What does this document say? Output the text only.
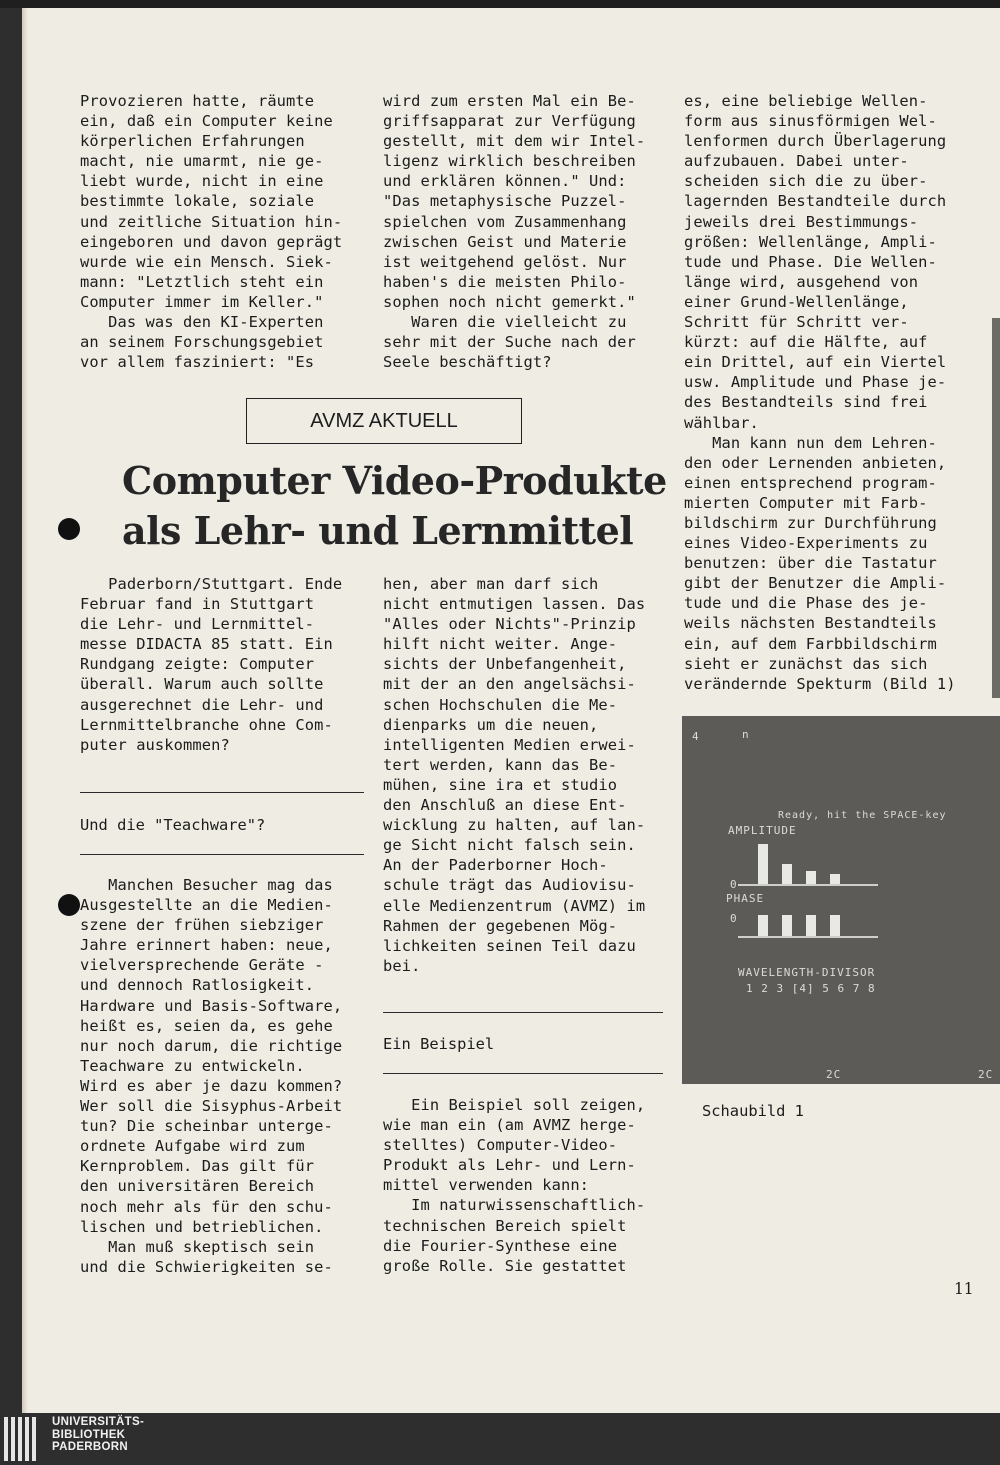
Provozieren hatte, räumte

ein, daß ein Computer keine

körperlichen Erfahrungen

macht, nie umarmt, nie ge-

liebt wurde, nicht in eine

bestimmte lokale, soziale

und zeitliche Situation hin-

eingeboren und davon geprägt

wurde wie ein Mensch. Siek-

mann: "Letztlich steht ein

Computer immer im Keller."

Das was den KI-Experten

an seinem Forschungsgebiet

vor allem fasziniert: "Es

wird zum ersten Mal ein Be-

griffsapparat zur Verfügung

gestellt, mit dem wir Intel-

ligenz wirklich beschreiben

und erklären können." Und:

"Das metaphysische Puzzel-

spielchen vom Zusammenhang

zwischen Geist und Materie

ist weitgehend gelöst. Nur

haben's die meisten Philo-

sophen noch nicht gemerkt."

Waren die vielleicht zu

sehr mit der Suche nach der

Seele beschäftigt?

es, eine beliebige Wellen-

form aus sinusförmigen Wel-

lenformen durch Überlagerung

aufzubauen. Dabei unter-

scheiden sich die zu über-

lagernden Bestandteile durch

jeweils drei Bestimmungs-

größen: Wellenlänge, Ampli-

tude und Phase. Die Wellen-

länge wird, ausgehend von

einer Grund-Wellenlänge,

Schritt für Schritt ver-

kürzt: auf die Hälfte, auf

ein Drittel, auf ein Viertel

usw. Amplitude und Phase je-

des Bestandteils sind frei

wählbar.

Man kann nun dem Lehren-

den oder Lernenden anbieten,

einen entsprechend program-

mierten Computer mit Farb-

bildschirm zur Durchführung

eines Video-Experiments zu

benutzen: über die Tastatur

gibt der Benutzer die Ampli-

tude und die Phase des je-

weils nächsten Bestandteils

ein, auf dem Farbbildschirm

sieht er zunächst das sich

verändernde Spekturm (Bild 1)

AVMZ AKTUELL
Computer Video-Produkte
als Lehr- und Lernmittel

Paderborn/Stuttgart. Ende

Februar fand in Stuttgart

die Lehr- und Lernmittel-

messe DIDACTA 85 statt. Ein

Rundgang zeigte: Computer

überall. Warum auch sollte

ausgerechnet die Lehr- und

Lernmittelbranche ohne Com-

puter auskommen?

Und die "Teachware"?

Manchen Besucher mag das

Ausgestellte an die Medien-

szene der frühen siebziger

Jahre erinnert haben: neue,

vielversprechende Geräte -

und dennoch Ratlosigkeit.

Hardware und Basis-Software,

heißt es, seien da, es gehe

nur noch darum, die richtige

Teachware zu entwickeln.

Wird es aber je dazu kommen?

Wer soll die Sisyphus-Arbeit

tun? Die scheinbar unterge-

ordnete Aufgabe wird zum

Kernproblem. Das gilt für

den universitären Bereich

noch mehr als für den schu-

lischen und betrieblichen.

Man muß skeptisch sein

und die Schwierigkeiten se-

hen, aber man darf sich

nicht entmutigen lassen. Das

"Alles oder Nichts"-Prinzip

hilft nicht weiter. Ange-

sichts der Unbefangenheit,

mit der an den angelsächsi-

schen Hochschulen die Me-

dienparks um die neuen,

intelligenten Medien erwei-

tert werden, kann das Be-

mühen, sine ira et studio

den Anschluß an diese Ent-

wicklung zu halten, auf lan-

ge Sicht nicht falsch sein.

An der Paderborner Hoch-

schule trägt das Audiovisu-

elle Medienzentrum (AVMZ) im

Rahmen der gegebenen Mög-

lichkeiten seinen Teil dazu

bei.

Ein Beispiel

Ein Beispiel soll zeigen,

wie man ein (am AVMZ herge-

stelltes) Computer-Video-

Produkt als Lehr- und Lern-

mittel verwenden kann:

Im naturwissenschaftlich-

technischen Bereich spielt

die Fourier-Synthese eine

große Rolle. Sie gestattet

4	n
Ready, hit the SPACE-key
AMPLITUDE
0
PHASE
0
WAVELENGTH-DIVISOR
1 2 3 [4] 5 6 7 8
2C	2C
Schaubild 1
11
UNIVERSITÄTS-
BIBLIOTHEK
PADERBORN
